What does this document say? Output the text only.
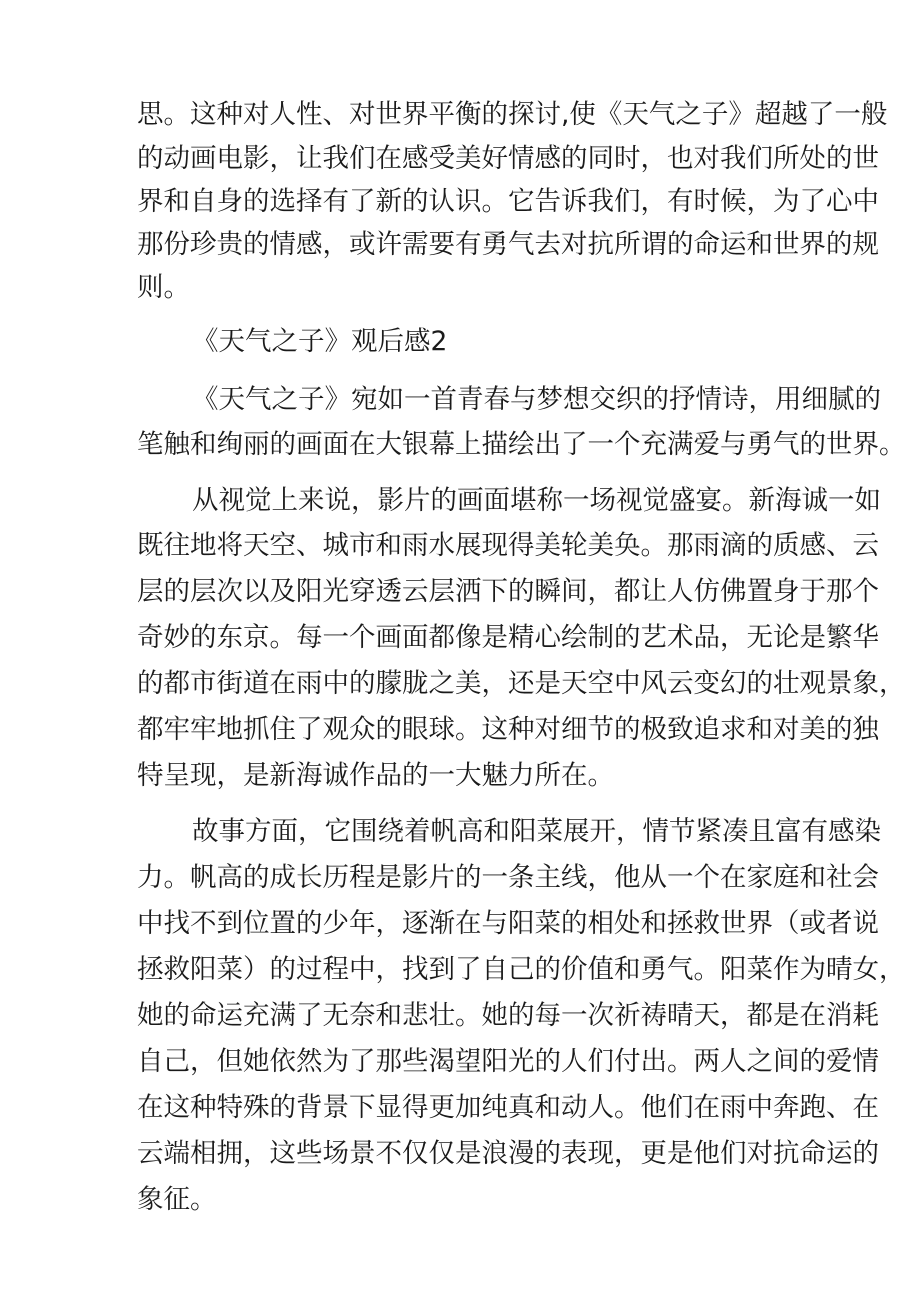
思。这种对人性、对世界平衡的探讨,使《天气之子》超越了一般
的动画电影，让我们在感受美好情感的同时，也对我们所处的世
界和自身的选择有了新的认识。它告诉我们，有时候，为了心中
那份珍贵的情感，或许需要有勇气去对抗所谓的命运和世界的规
则。
《天气之子》观后感2
《天气之子》宛如一首青春与梦想交织的抒情诗，用细腻的
笔触和绚丽的画面在大银幕上描绘出了一个充满爱与勇气的世界。
从视觉上来说，影片的画面堪称一场视觉盛宴。新海诚一如
既往地将天空、城市和雨水展现得美轮美奂。那雨滴的质感、云
层的层次以及阳光穿透云层洒下的瞬间，都让人仿佛置身于那个
奇妙的东京。每一个画面都像是精心绘制的艺术品，无论是繁华
的都市街道在雨中的朦胧之美，还是天空中风云变幻的壮观景象，
都牢牢地抓住了观众的眼球。这种对细节的极致追求和对美的独
特呈现，是新海诚作品的一大魅力所在。
故事方面，它围绕着帆高和阳菜展开，情节紧凑且富有感染
力。帆高的成长历程是影片的一条主线，他从一个在家庭和社会
中找不到位置的少年，逐渐在与阳菜的相处和拯救世界（或者说
拯救阳菜）的过程中，找到了自己的价值和勇气。阳菜作为晴女，
她的命运充满了无奈和悲壮。她的每一次祈祷晴天，都是在消耗
自己，但她依然为了那些渴望阳光的人们付出。两人之间的爱情
在这种特殊的背景下显得更加纯真和动人。他们在雨中奔跑、在
云端相拥，这些场景不仅仅是浪漫的表现，更是他们对抗命运的
象征。
